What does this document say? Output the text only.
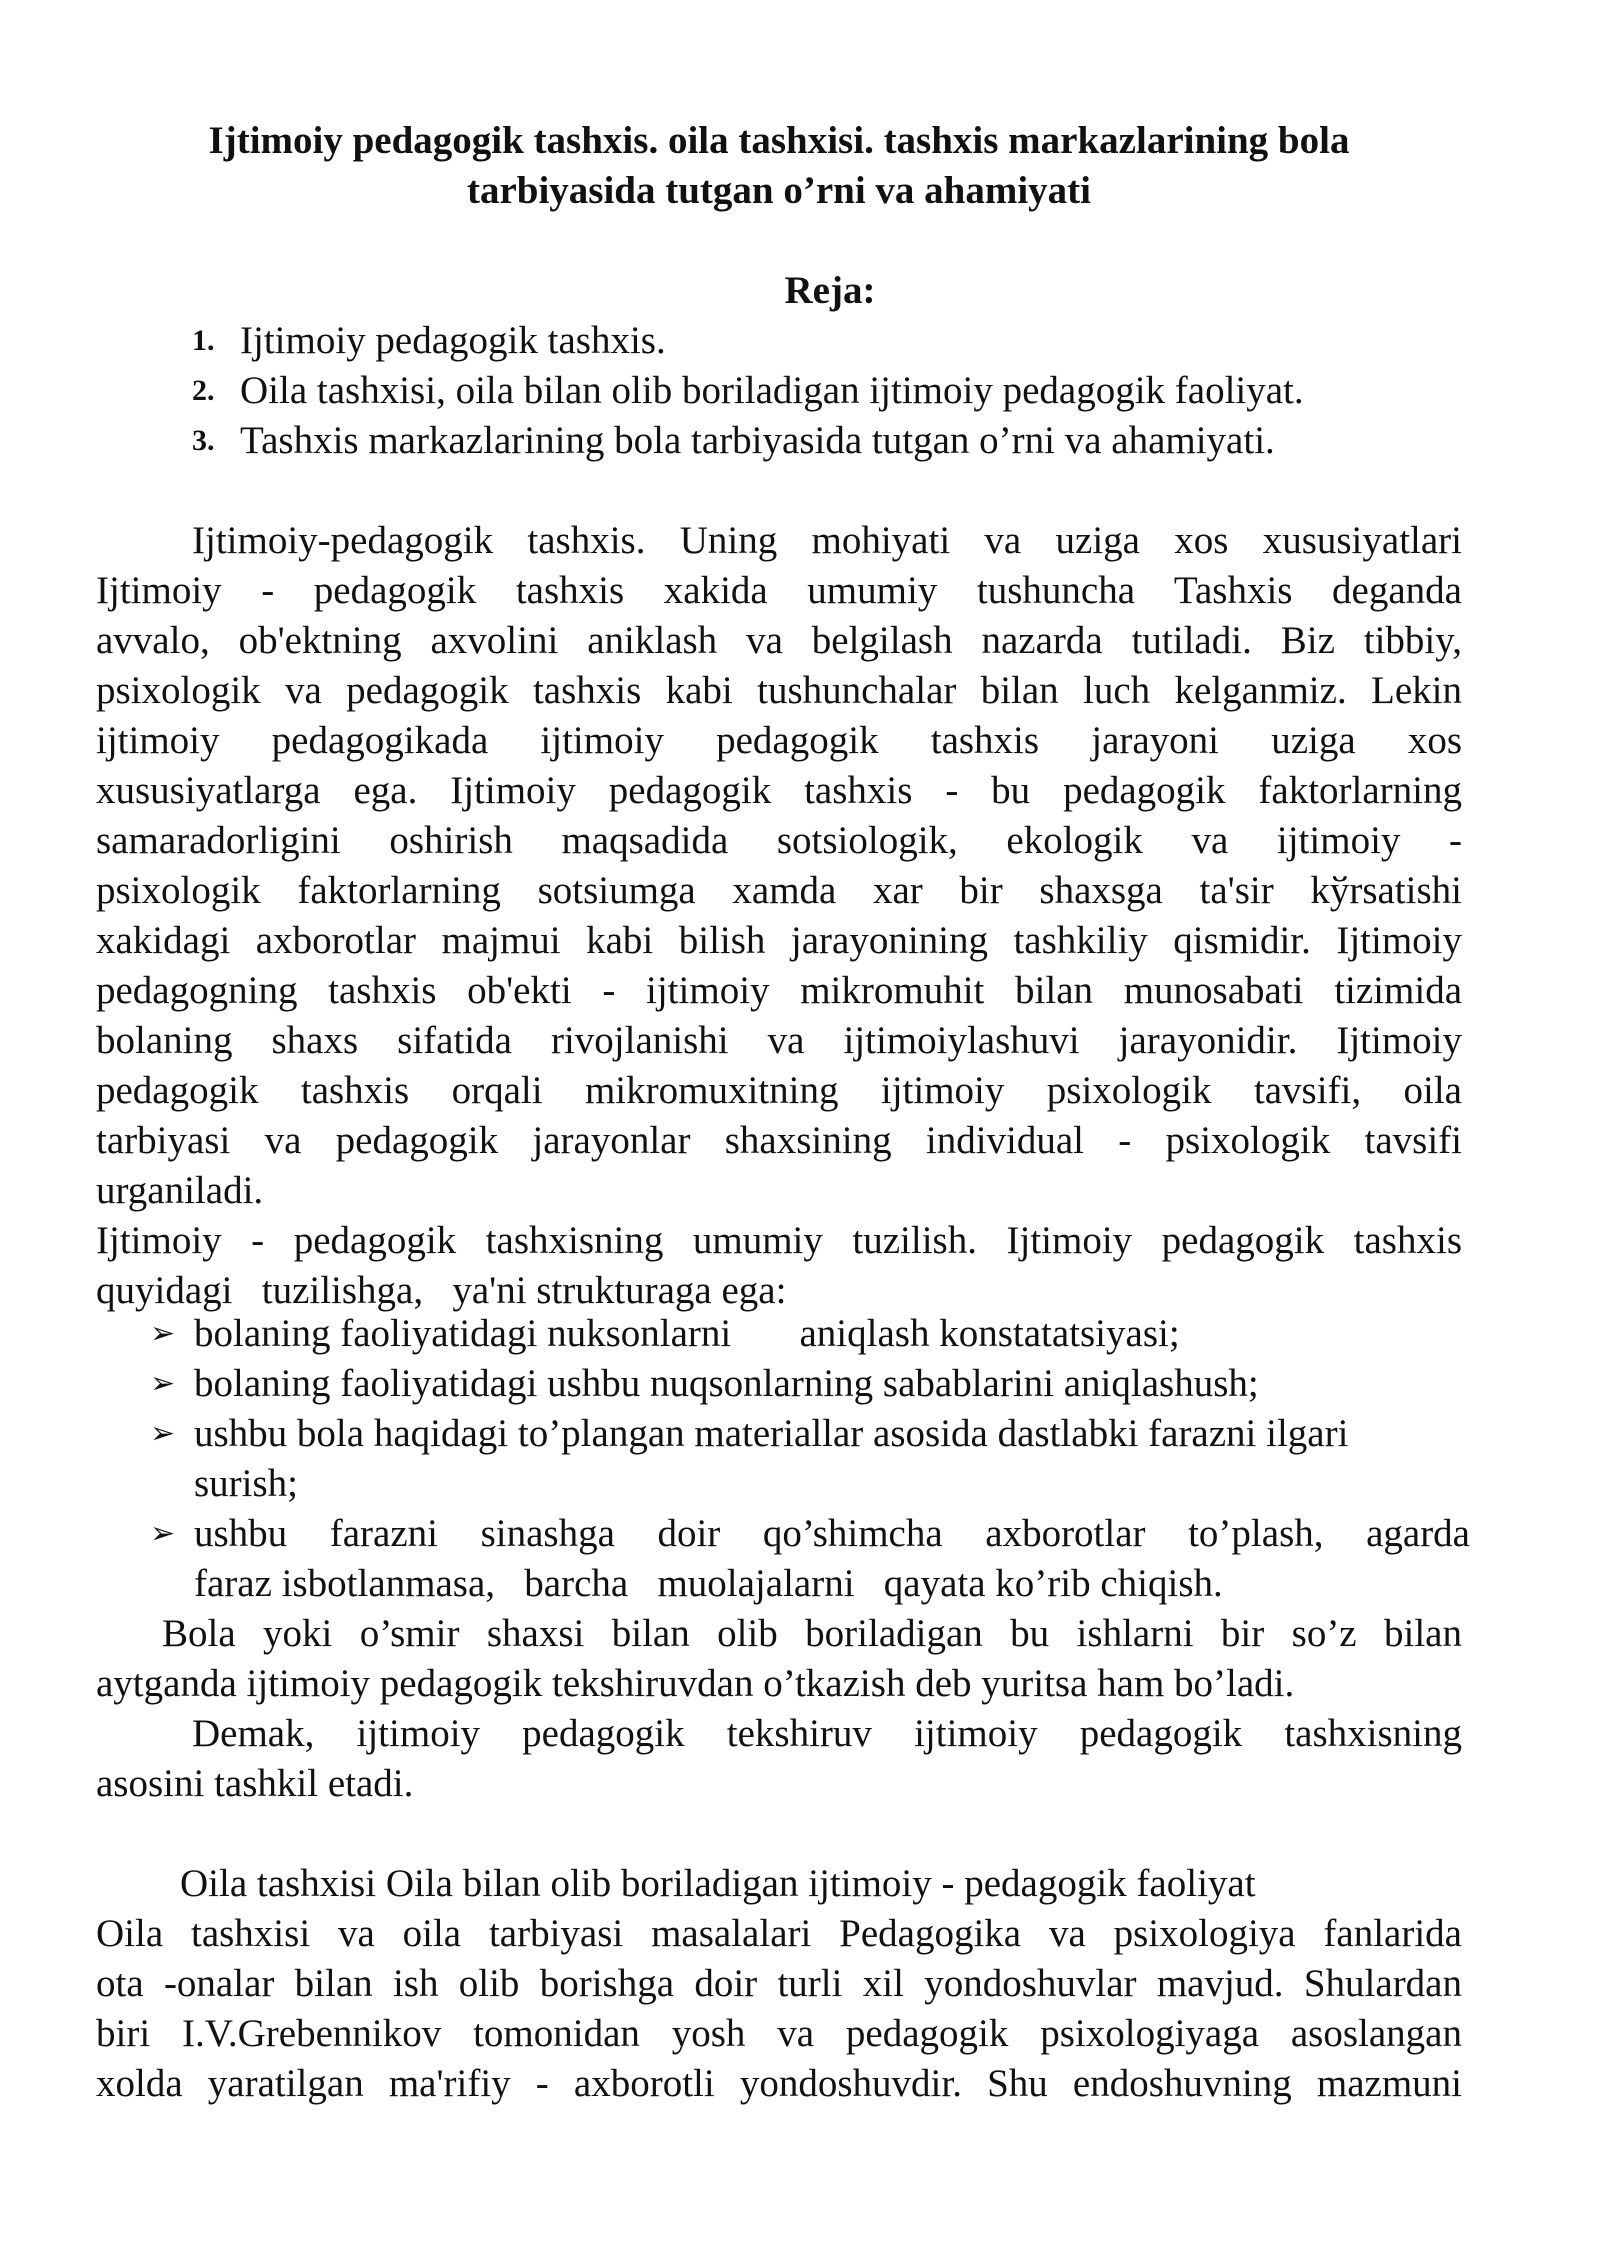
Ijtimoiy pedagogik tashxis. oila tashxisi. tashxis markazlarining bola
tarbiyasida tutgan o’rni va ahamiyati
Reja:
1. Ijtimoiy pedagogik tashxis.
2. Oila tashxisi, oila bilan olib boriladigan ijtimoiy pedagogik faoliyat.
3. Tashxis markazlarining bola tarbiyasida tutgan o’rni va ahamiyati.
Ijtimoiy-pedagogik tashxis. Uning mohiyati va uziga xos xususiyatlari
Ijtimoiy - pedagogik tashxis xakida umumiy tushuncha Tashxis deganda
avvalo, ob'ektning axvolini aniklash va belgilash nazarda tutiladi. Biz tibbiy,
psixologik va pedagogik tashxis kabi tushunchalar bilan luch kelganmiz. Lekin
ijtimoiy pedagogikada ijtimoiy pedagogik tashxis jarayoni uziga xos
xususiyatlarga ega. Ijtimoiy pedagogik tashxis - bu pedagogik faktorlarning
samaradorligini oshirish maqsadida sotsiologik, ekologik va ijtimoiy -
psixologik faktorlarning sotsiumga xamda xar bir shaxsga ta'sir kўrsatishi
xakidagi axborotlar majmui kabi bilish jarayonining tashkiliy qismidir. Ijtimoiy
pedagogning tashxis ob'ekti - ijtimoiy mikromuhit bilan munosabati tizimida
bolaning shaxs sifatida rivojlanishi va ijtimoiylashuvi jarayonidir. Ijtimoiy
pedagogik tashxis orqali mikromuxitning ijtimoiy psixologik tavsifi, oila
tarbiyasi va pedagogik jarayonlar shaxsining individual - psixologik tavsifi
urganiladi.
Ijtimoiy - pedagogik tashxisning umumiy tuzilish. Ijtimoiy pedagogik tashxis
quyidagi   tuzilishga,   ya'ni strukturaga ega:
➢ bolaning faoliyatidagi nuksonlarni       aniqlash konstatatsiyasi;
➢ bolaning faoliyatidagi ushbu nuqsonlarning sabablarini aniqlashush;
➢ ushbu bola haqidagi to’plangan materiallar asosida dastlabki farazni ilgari
surish;
➢ ushbu farazni sinashga doir qo’shimcha axborotlar to’plash, agarda
faraz isbotlanmasa,   barcha   muolajalarni   qayata ko’rib chiqish.
Bola yoki o’smir shaxsi bilan olib boriladigan bu ishlarni bir so’z bilan
aytganda ijtimoiy pedagogik tekshiruvdan o’tkazish deb yuritsa ham bo’ladi.
Demak, ijtimoiy pedagogik tekshiruv ijtimoiy pedagogik tashxisning
asosini tashkil etadi.
Oila tashxisi Oila bilan olib boriladigan ijtimoiy - pedagogik faoliyat
Oila tashxisi va oila tarbiyasi masalalari Pedagogika va psixologiya fanlarida
ota -onalar bilan ish olib borishga doir turli xil yondoshuvlar mavjud. Shulardan
biri I.V.Grebennikov tomonidan yosh va pedagogik psixologiyaga asoslangan
xolda yaratilgan ma'rifiy - axborotli yondoshuvdir. Shu endoshuvning mazmuni
